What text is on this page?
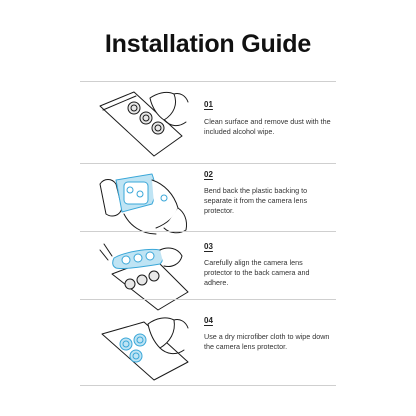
Installation Guide
01
Clean surface and remove dust with the included alcohol wipe.
02
Bend back the plastic backing to separate it from the camera lens protector.
03
Carefully align the camera lens protector to the back camera and adhere.
04
Use a dry microfiber cloth to wipe down the camera lens protector.
